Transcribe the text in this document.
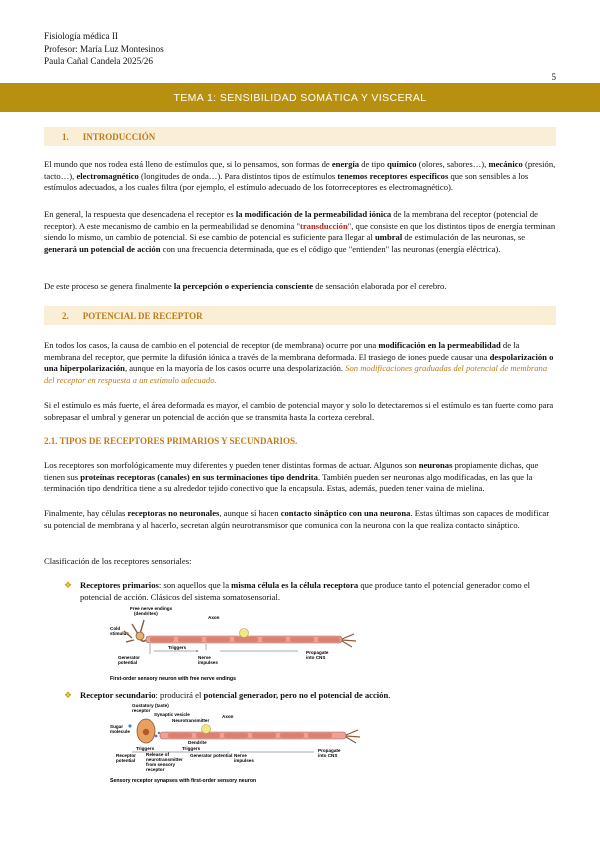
Fisiología médica II
Profesor: María Luz Montesinos
Paula Cañal Candela 2025/26
5
TEMA 1: SENSIBILIDAD SOMÁTICA Y VISCERAL
1. INTRODUCCIÓN
El mundo que nos rodea está lleno de estímulos que, si lo pensamos, son formas de energía de tipo químico (olores, sabores…), mecánico (presión, tacto…), electromagnético (longitudes de onda…). Para distintos tipos de estímulos tenemos receptores específicos que son sensibles a los estímulos adecuados, a los cuales filtra (por ejemplo, el estímulo adecuado de los fotorreceptores es electromagnético).
En general, la respuesta que desencadena el receptor es la modificación de la permeabilidad iónica de la membrana del receptor (potencial de receptor). A este mecanismo de cambio en la permeabilidad se denomina "transducción", que consiste en que los distintos tipos de energía terminan siendo lo mismo, un cambio de potencial. Si ese cambio de potencial es suficiente para llegar al umbral de estimulación de las neuronas, se generará un potencial de acción con una frecuencia determinada, que es el código que "entienden" las neuronas (energía eléctrica).
De este proceso se genera finalmente la percepción o experiencia consciente de sensación elaborada por el cerebro.
2. POTENCIAL DE RECEPTOR
En todos los casos, la causa de cambio en el potencial de receptor (de membrana) ocurre por una modificación en la permeabilidad de la membrana del receptor, que permite la difusión iónica a través de la membrana deformada. El trasiego de iones puede causar una despolarización o una hiperpolarización, aunque en la mayoría de los casos ocurre una despolarización. Son modificaciones graduadas del potencial de membrana del receptor en respuesta a un estímulo adecuado.
Si el estímulo es más fuerte, el área deformada es mayor, el cambio de potencial mayor y solo lo detectaremos si el estímulo es tan fuerte como para sobrepasar el umbral y generar un potencial de acción que se transmita hasta la corteza cerebral.
2.1. TIPOS DE RECEPTORES PRIMARIOS Y SECUNDARIOS.
Los receptores son morfológicamente muy diferentes y pueden tener distintas formas de actuar. Algunos son neuronas propiamente dichas, que tienen sus proteínas receptoras (canales) en sus terminaciones tipo dendrita. También pueden ser neuronas algo modificadas, en las que la terminación tipo dendrítica tiene a su alrededor tejido conectivo que la encapsula. Estas, además, pueden tener vaina de mielina.
Finalmente, hay células receptoras no neuronales, aunque sí hacen contacto sináptico con una neurona. Estas últimas son capaces de modificar su potencial de membrana y al hacerlo, secretan algún neurotransmisor que comunica con la neurona con la que realiza contacto sináptico.
Clasificación de los receptores sensoriales:
❖ Receptores primarios: son aquellos que la misma célula es la célula receptora que produce tanto el potencial generador como el potencial de acción. Clásicos del sistema somatosensorial.
Free nerve endings
(dendrites)
Axon
Cold
stimulus
Triggers
Generator
potential
Nerve
impulses
Propagate
into CNS
First-order sensory neuron with free nerve endings
❖ Receptor secundario: producirá el potencial generador, pero no el potencial de acción.
Gustatory (taste)
receptor
Synaptic vesicle
Neurotransmitter
Axon
Sugar
molecule
Dendrite
Triggers	Triggers
Receptor
potential
Release of
neurotransmitter
from sensory
receptor
Generator potential Nerve
impulses
Propagate
into CNS
Sensory receptor synapses with first-order sensory neuron
